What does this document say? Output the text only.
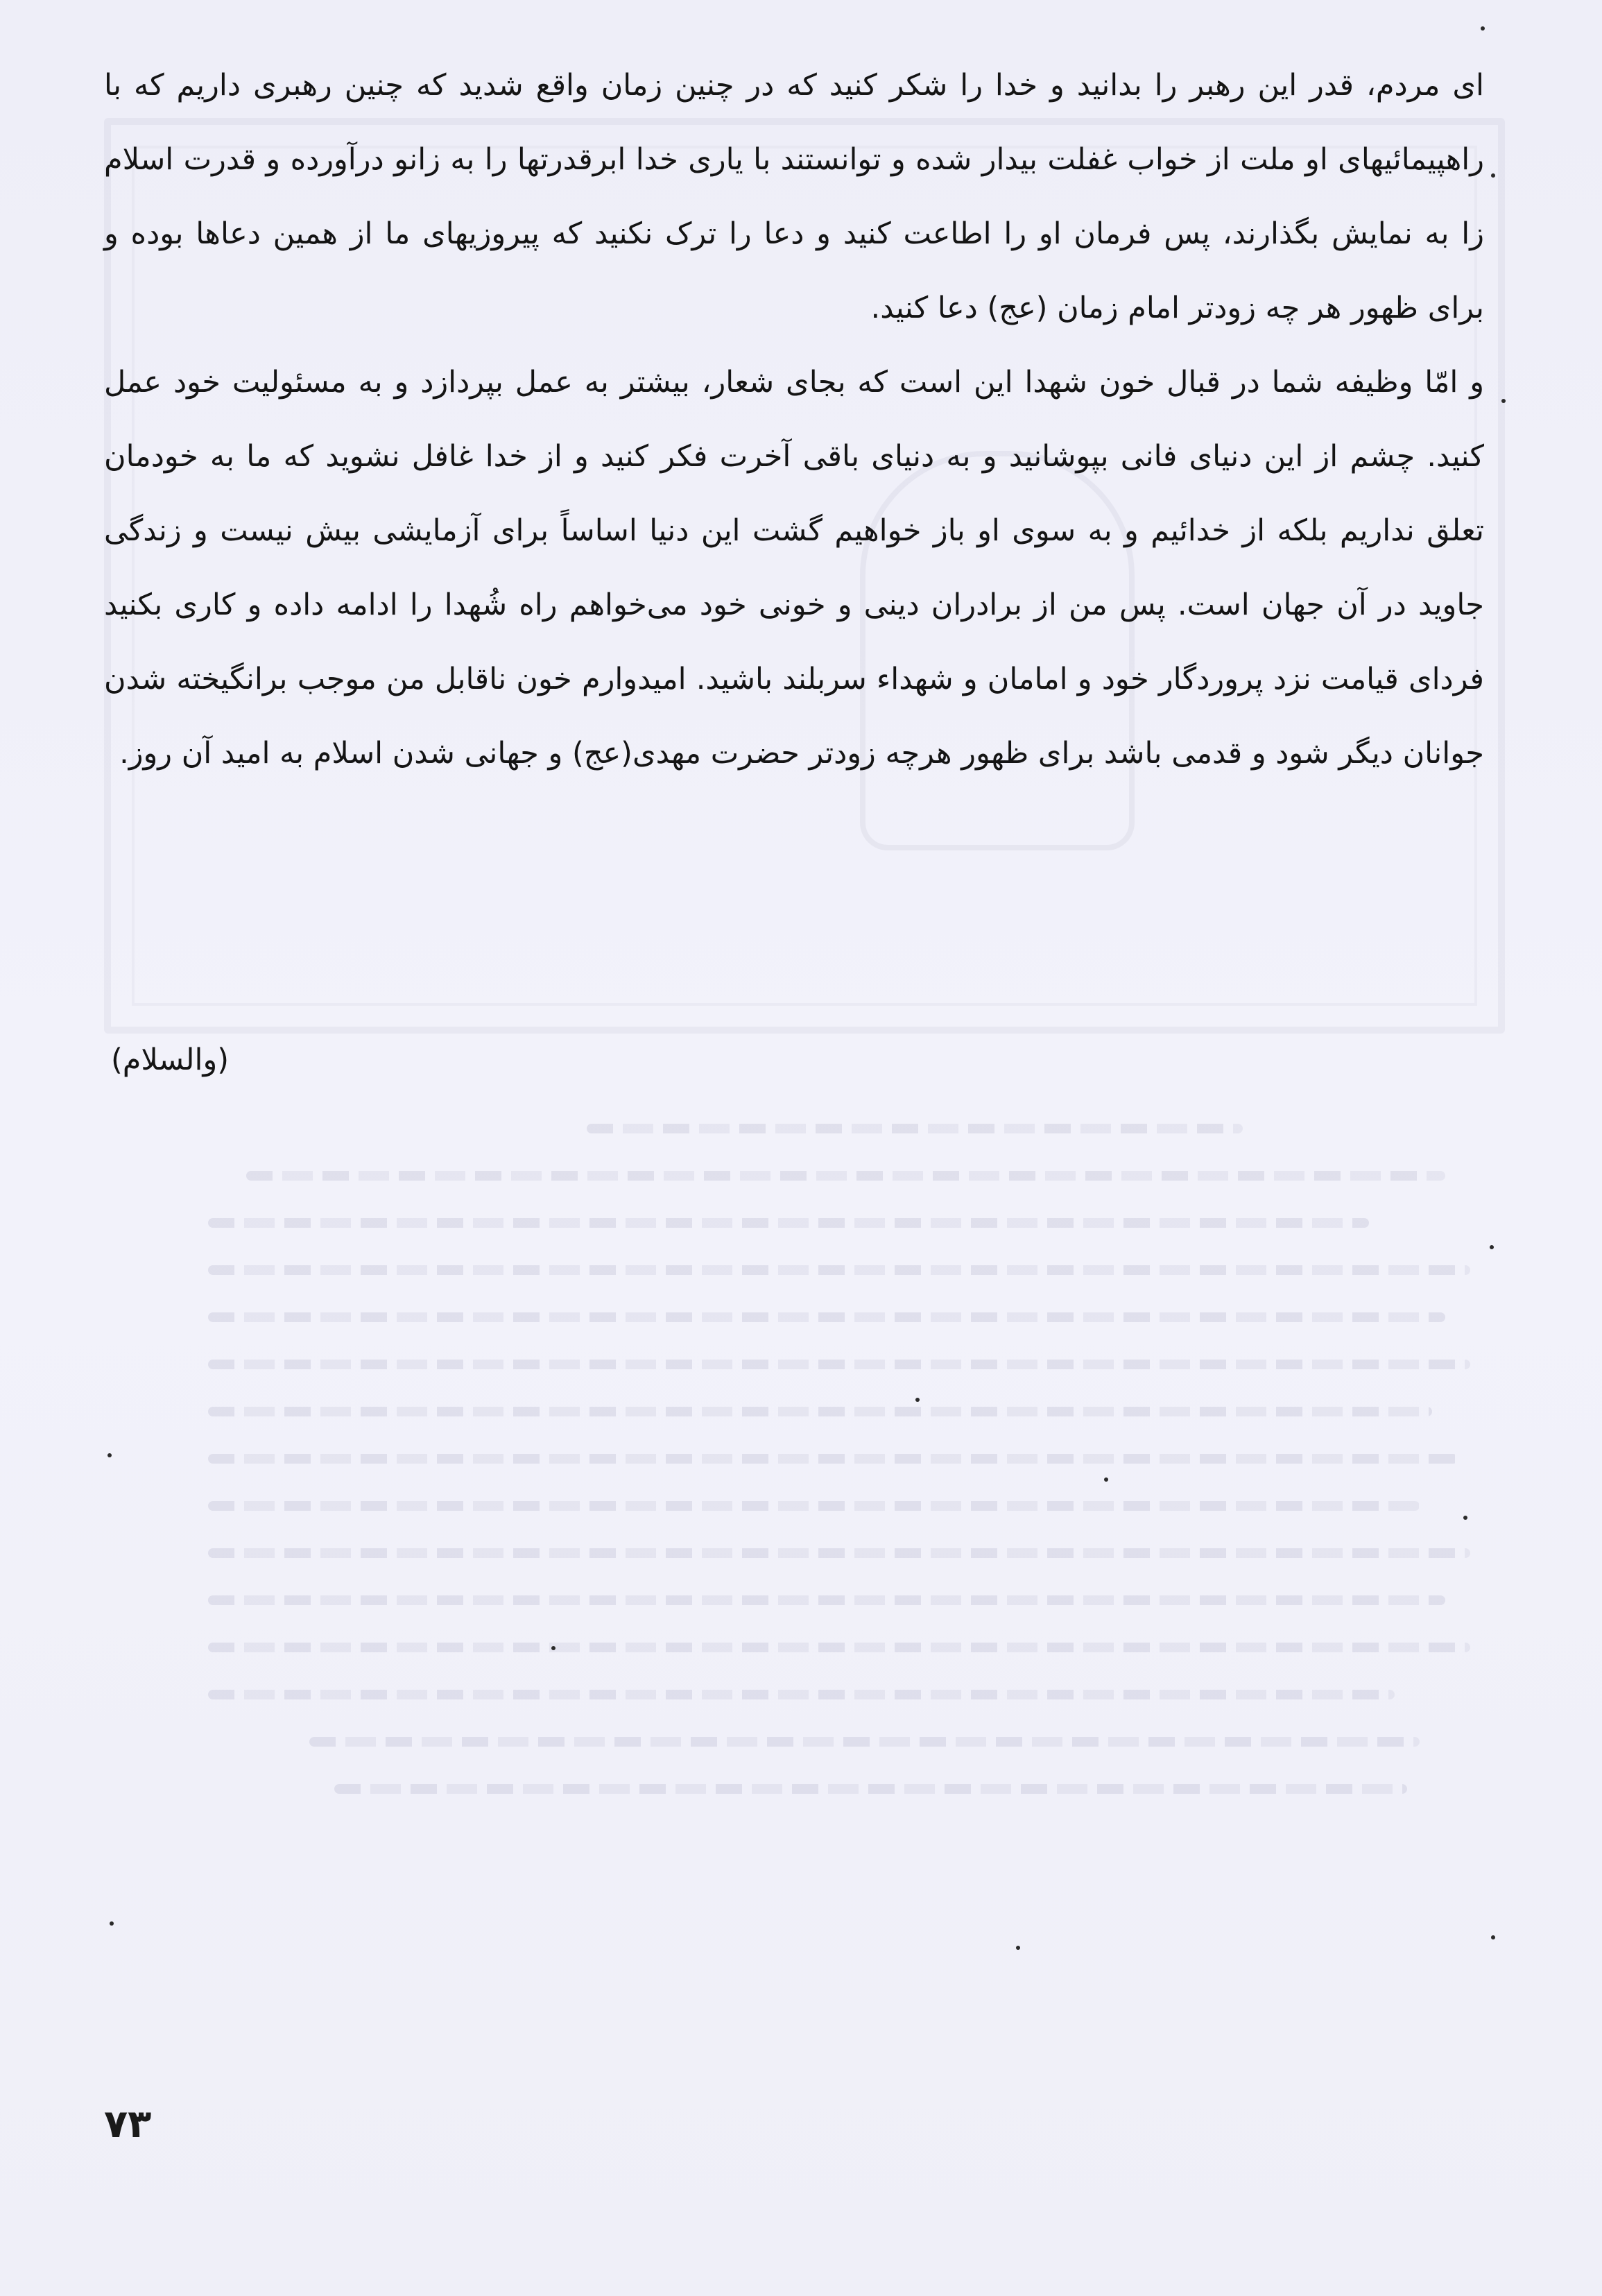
ای مردم، قدر این رهبر را بدانید و خدا را شکر کنید که در چنین زمان واقع شدید که چنین رهبری داریم که با راهپیمائیهای او ملت از خواب غفلت بیدار شده و توانستند با یاری خدا ابرقدرتها را به زانو درآورده و قدرت اسلام زا به نمایش بگذارند، پس فرمان او را اطاعت کنید و دعا را ترک نکنید که پیروزیهای ما از همین دعاها بوده و برای ظهور هر چه زودتر امام زمان (عج) دعا کنید.

و امّا وظیفه شما در قبال خون شهدا این است که بجای شعار، بیشتر به عمل بپردازد و به مسئولیت خود عمل کنید. چشم از این دنیای فانی بپوشانید و به دنیای باقی آخرت فکر کنید و از خدا غافل نشوید که ما به خودمان تعلق نداریم بلکه از خدائیم و به سوی او باز خواهیم گشت این دنیا اساساً برای آزمایشی بیش نیست و زندگی جاوید در آن جهان است. پس من از برادران دینی و خونی خود می‌خواهم راه شُهدا را ادامه داده و کاری بکنید فردای قیامت نزد پروردگار خود و امامان و شهداء سربلند باشید. امیدوارم خون ناقابل من موجب برانگیخته شدن جوانان دیگر شود و قدمی باشد برای ظهور هرچه زودتر حضرت مهدی(عج) و جهانی شدن اسلام به امید آن روز.

(والسلام)
۷۳
